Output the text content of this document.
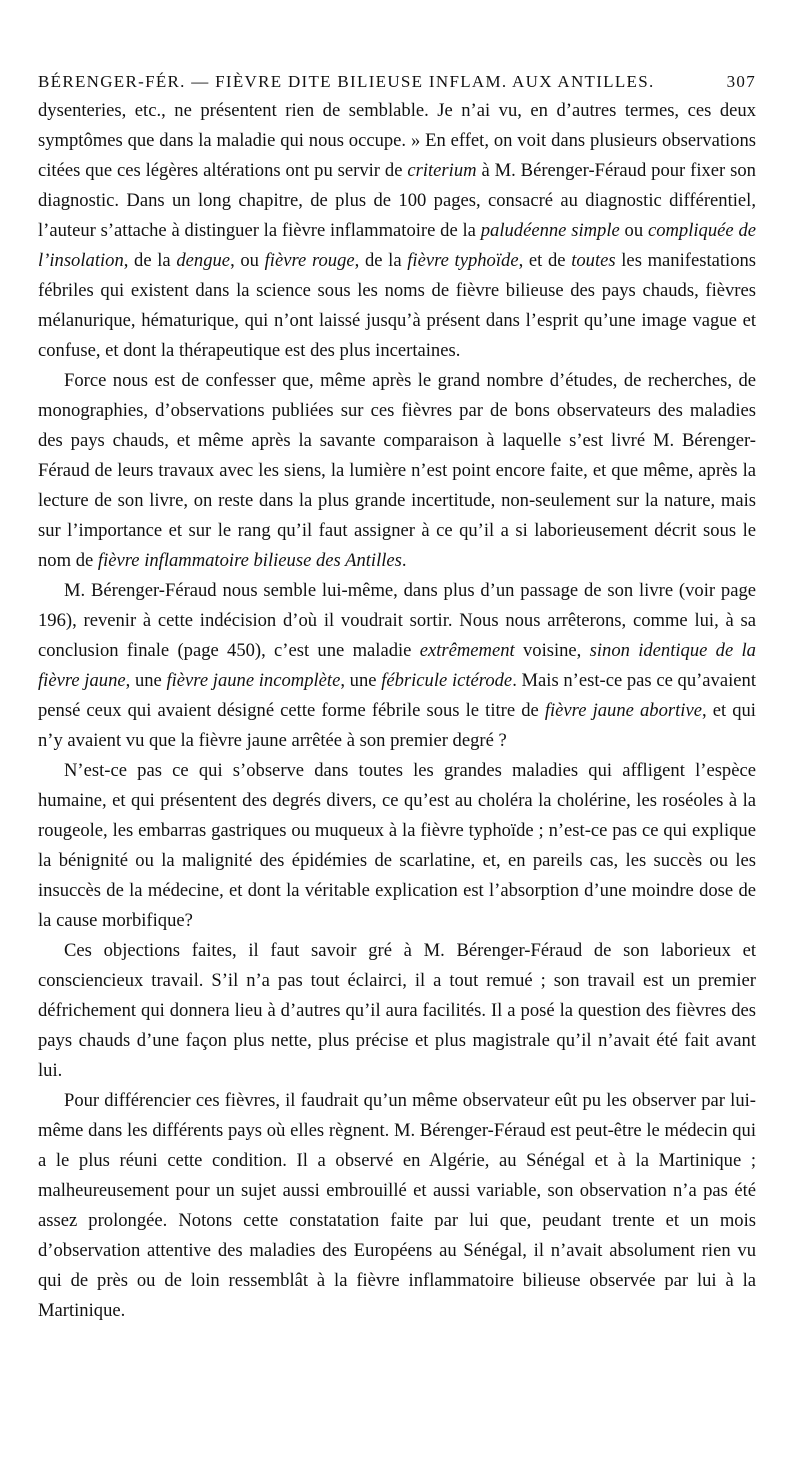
BÉRENGER-FÉR. — FIÈVRE DITE BILIEUSE INFLAM. AUX ANTILLES.	307

dysenteries, etc., ne présentent rien de semblable. Je n’ai vu, en d’autres termes, ces deux symptômes que dans la maladie qui nous occupe. » En effet, on voit dans plusieurs observations citées que ces légères altérations ont pu servir de criterium à M. Bérenger-Féraud pour fixer son diagnostic. Dans un long chapitre, de plus de 100 pages, consacré au diagnostic différentiel, l’auteur s’attache à distinguer la fièvre inflammatoire de la paludéenne simple ou compliquée de l’insolation, de la dengue, ou fièvre rouge, de la fièvre typhoïde, et de toutes les manifestations fébriles qui existent dans la science sous les noms de fièvre bilieuse des pays chauds, fièvres mélanurique, hématurique, qui n’ont laissé jusqu’à présent dans l’esprit qu’une image vague et confuse, et dont la thérapeutique est des plus incertaines.

Force nous est de confesser que, même après le grand nombre d’études, de recherches, de monographies, d’observations publiées sur ces fièvres par de bons observateurs des maladies des pays chauds, et même après la savante comparaison à laquelle s’est livré M. Bérenger-Féraud de leurs travaux avec les siens, la lumière n’est point encore faite, et que même, après la lecture de son livre, on reste dans la plus grande incertitude, non-seulement sur la nature, mais sur l’importance et sur le rang qu’il faut assigner à ce qu’il a si laborieusement décrit sous le nom de fièvre inflammatoire bilieuse des Antilles.

M. Bérenger-Féraud nous semble lui-même, dans plus d’un passage de son livre (voir page 196), revenir à cette indécision d’où il voudrait sortir. Nous nous arrêterons, comme lui, à sa conclusion finale (page 450), c’est une maladie extrêmement voisine, sinon identique de la fièvre jaune, une fièvre jaune incomplète, une fébricule ictérode. Mais n’est-ce pas ce qu’avaient pensé ceux qui avaient désigné cette forme fébrile sous le titre de fièvre jaune abortive, et qui n’y avaient vu que la fièvre jaune arrêtée à son premier degré ?

N’est-ce pas ce qui s’observe dans toutes les grandes maladies qui affligent l’espèce humaine, et qui présentent des degrés divers, ce qu’est au choléra la cholérine, les roséoles à la rougeole, les embarras gastriques ou muqueux à la fièvre typhoïde ; n’est-ce pas ce qui explique la bénignité ou la malignité des épidémies de scarlatine, et, en pareils cas, les succès ou les insuccès de la médecine, et dont la véritable explication est l’absorption d’une moindre dose de la cause morbifique?

Ces objections faites, il faut savoir gré à M. Bérenger-Féraud de son laborieux et consciencieux travail. S’il n’a pas tout éclairci, il a tout remué ; son travail est un premier défrichement qui donnera lieu à d’autres qu’il aura facilités. Il a posé la question des fièvres des pays chauds d’une façon plus nette, plus précise et plus magistrale qu’il n’avait été fait avant lui.

Pour différencier ces fièvres, il faudrait qu’un même observateur eût pu les observer par lui-même dans les différents pays où elles règnent. M. Bérenger-Féraud est peut-être le médecin qui a le plus réuni cette condition. Il a observé en Algérie, au Sénégal et à la Martinique ; malheureusement pour un sujet aussi embrouillé et aussi variable, son observation n’a pas été assez prolongée. Notons cette constatation faite par lui que, peudant trente et un mois d’observation attentive des maladies des Européens au Sénégal, il n’avait absolument rien vu qui de près ou de loin ressemblât à la fièvre inflammatoire bilieuse observée par lui à la Martinique.
